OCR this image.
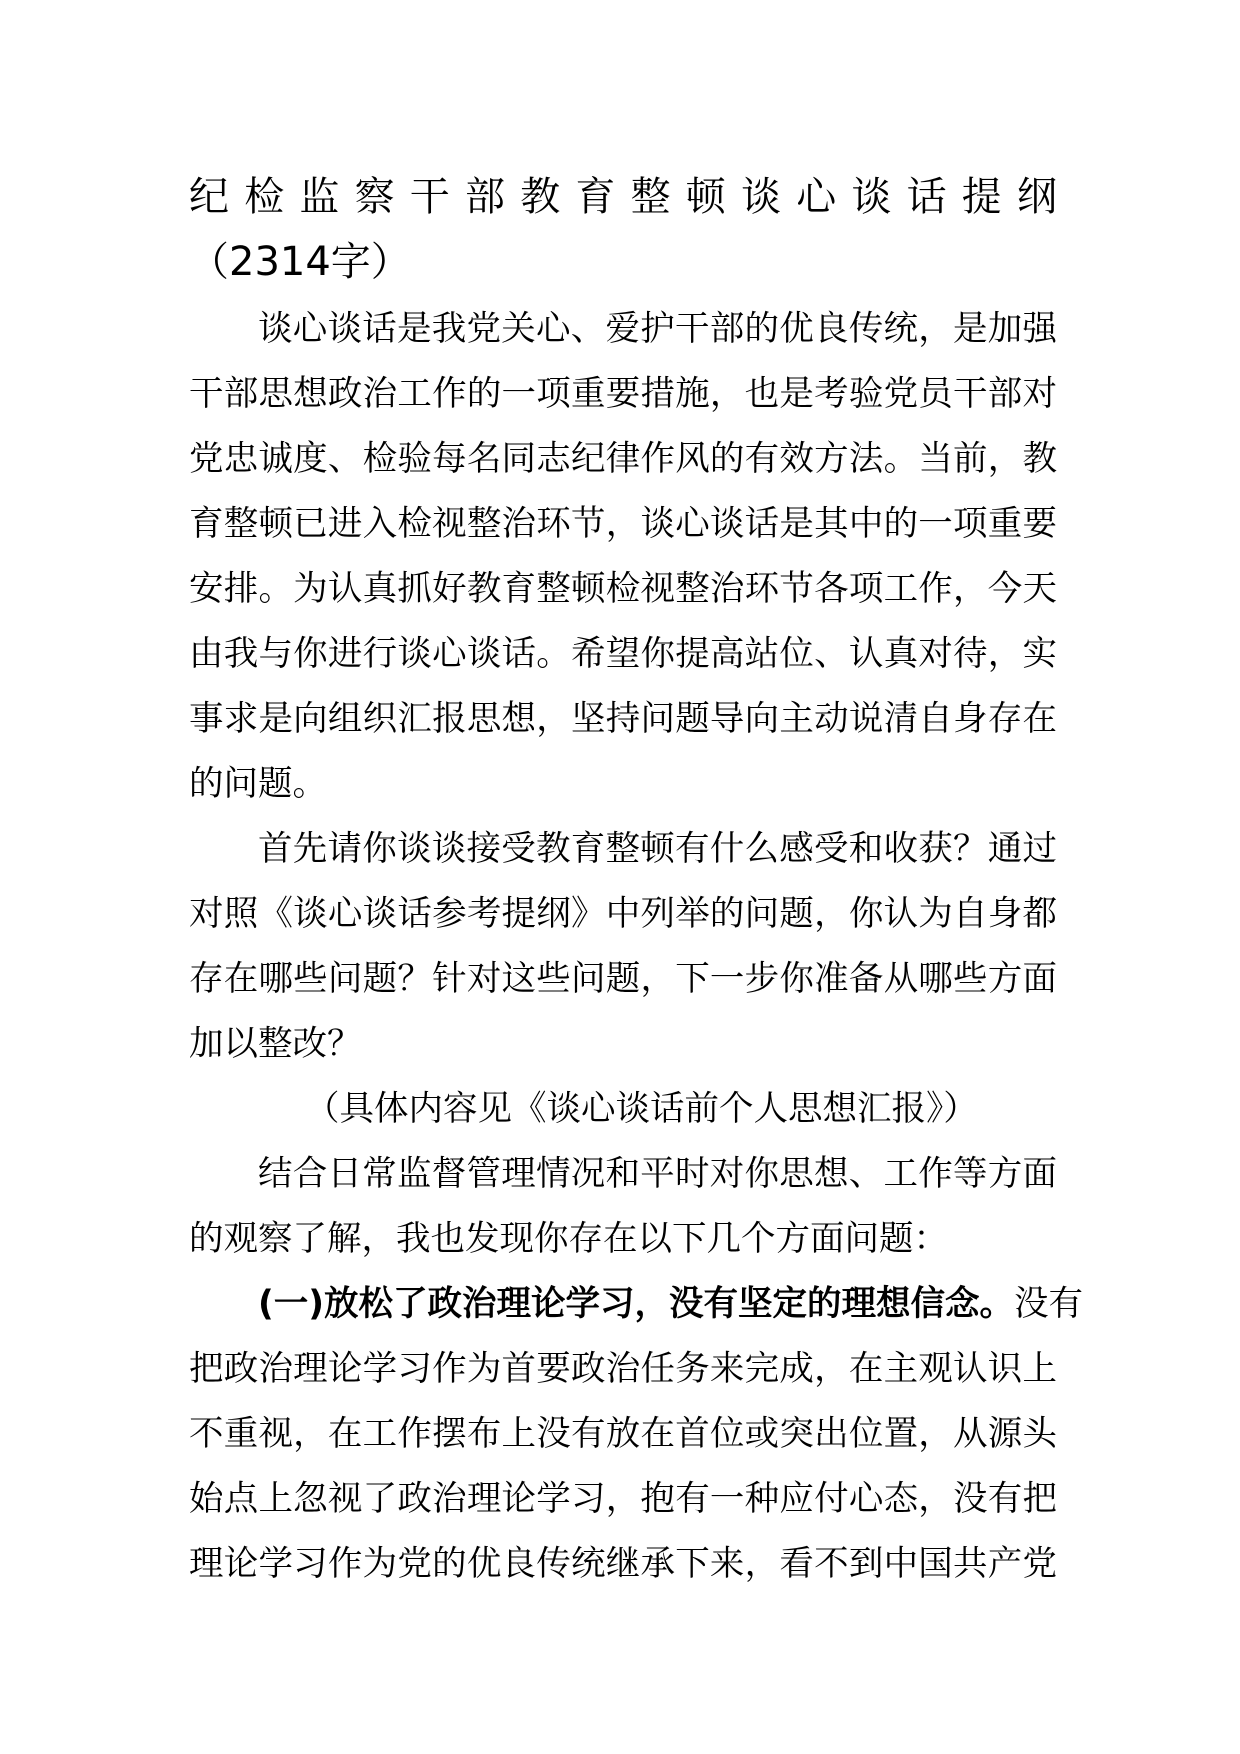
纪检监察干部教育整顿谈心谈话提纲
（2314字）
谈心谈话是我党关心、爱护干部的优良传统，是加强
干部思想政治工作的一项重要措施，也是考验党员干部对
党忠诚度、检验每名同志纪律作风的有效方法。当前，教
育整顿已进入检视整治环节，谈心谈话是其中的一项重要
安排。为认真抓好教育整顿检视整治环节各项工作，今天
由我与你进行谈心谈话。希望你提高站位、认真对待，实
事求是向组织汇报思想，坚持问题导向主动说清自身存在
的问题。
首先请你谈谈接受教育整顿有什么感受和收获？通过
对照《谈心谈话参考提纲》中列举的问题，你认为自身都
存在哪些问题？针对这些问题，下一步你准备从哪些方面
加以整改？
（具体内容见《谈心谈话前个人思想汇报》）
结合日常监督管理情况和平时对你思想、工作等方面
的观察了解，我也发现你存在以下几个方面问题：
(一)放松了政治理论学习，没有坚定的理想信念。没有
把政治理论学习作为首要政治任务来完成，在主观认识上
不重视，在工作摆布上没有放在首位或突出位置，从源头
始点上忽视了政治理论学习，抱有一种应付心态，没有把
理论学习作为党的优良传统继承下来，看不到中国共产党
